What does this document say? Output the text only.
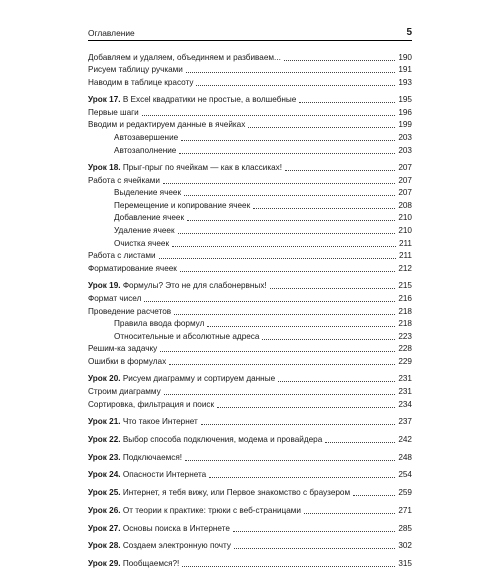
Оглавление	5
Добавляем и удаляем, объединяем и разбиваем...	190
Рисуем таблицу ручками	191
Наводим в таблице красоту	193
Урок 17. В Excel квадратики не простые, а волшебные	195
Первые шаги	196
Вводим и редактируем данные в ячейках	199
Автозавершение	203
Автозаполнение	203
Урок 18. Прыг-прыг по ячейкам — как в классиках!	207
Работа с ячейками	207
Выделение ячеек	207
Перемещение и копирование ячеек	208
Добавление ячеек	210
Удаление ячеек	210
Очистка ячеек	211
Работа с листами	211
Форматирование ячеек	212
Урок 19. Формулы? Это не для слабонервных!	215
Формат чисел	216
Проведение расчетов	218
Правила ввода формул	218
Относительные и абсолютные адреса	223
Решим-ка задачку	228
Ошибки в формулах	229
Урок 20. Рисуем диаграмму и сортируем данные	231
Строим диаграмму	231
Сортировка, фильтрация и поиск	234
Урок 21. Что такое Интернет	237
Урок 22. Выбор способа подключения, модема и провайдера	242
Урок 23. Подключаемся!	248
Урок 24. Опасности Интернета	254
Урок 25. Интернет, я тебя вижу, или Первое знакомство с браузером	259
Урок 26. От теории к практике: трюки с веб-страницами	271
Урок 27. Основы поиска в Интернете	285
Урок 28. Создаем электронную почту	302
Урок 29. Пообщаемся?!	315
